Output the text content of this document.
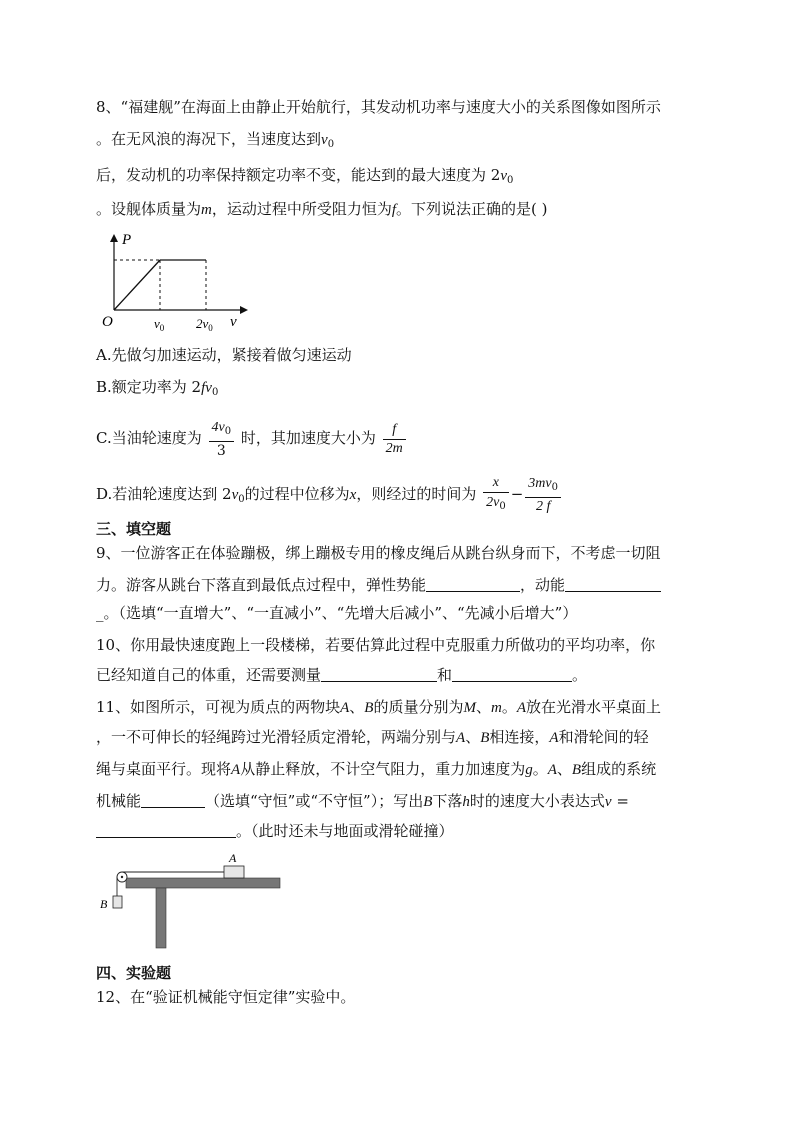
8、“福建舰”在海面上由静止开始航行，其发动机功率与速度大小的关系图像如图所示
。在无风浪的海况下，当速度达到$v_0$
后，发动机的功率保持额定功率不变，能达到的最大速度为 $2v_0$
。设舰体质量为m，运动过程中所受阻力恒为f。下列说法正确的是( )
P
O	$v_0$ $2v_0$ v
A.先做匀加速运动，紧接着做匀速运动
B.额定功率为 $2fv_0$
C.当油轮速度为 $\frac{4v_0}{3}$ 时，其加速度大小为 $\frac{f}{2m}$
D.若油轮速度达到 $2v_0$的过程中位移为x，则经过的时间为 $\frac{x}{2v_0} - \frac{3mv_0}{2 f}$
三、填空题
9、一位游客正在体验蹦极，绑上蹦极专用的橡皮绳后从跳台纵身而下，不考虑一切阻
力。游客从跳台下落直到最低点过程中，弹性势能	，动能
_。（选填“一直增大”、“一直减小”、“先增大后减小”、“先减小后增大”）
10、你用最快速度跑上一段楼梯，若要估算此过程中克服重力所做功的平均功率，你
已经知道自己的体重，还需要测量	和	。
11、如图所示，可视为质点的两物块A、B的质量分别为M、m。A放在光滑水平桌面上
，一不可伸长的轻绳跨过光滑轻质定滑轮，两端分别与A、B相连接，A和滑轮间的轻
绳与桌面平行。现将A从静止释放，不计空气阻力，重力加速度为g。A、B组成的系统
机械能	（选填“守恒”或“不守恒”）；写出B下落h时的速度大小表达式v =
。（此时还未与地面或滑轮碰撞）
A
B
四、实验题
12、在“验证机械能守恒定律”实验中。
